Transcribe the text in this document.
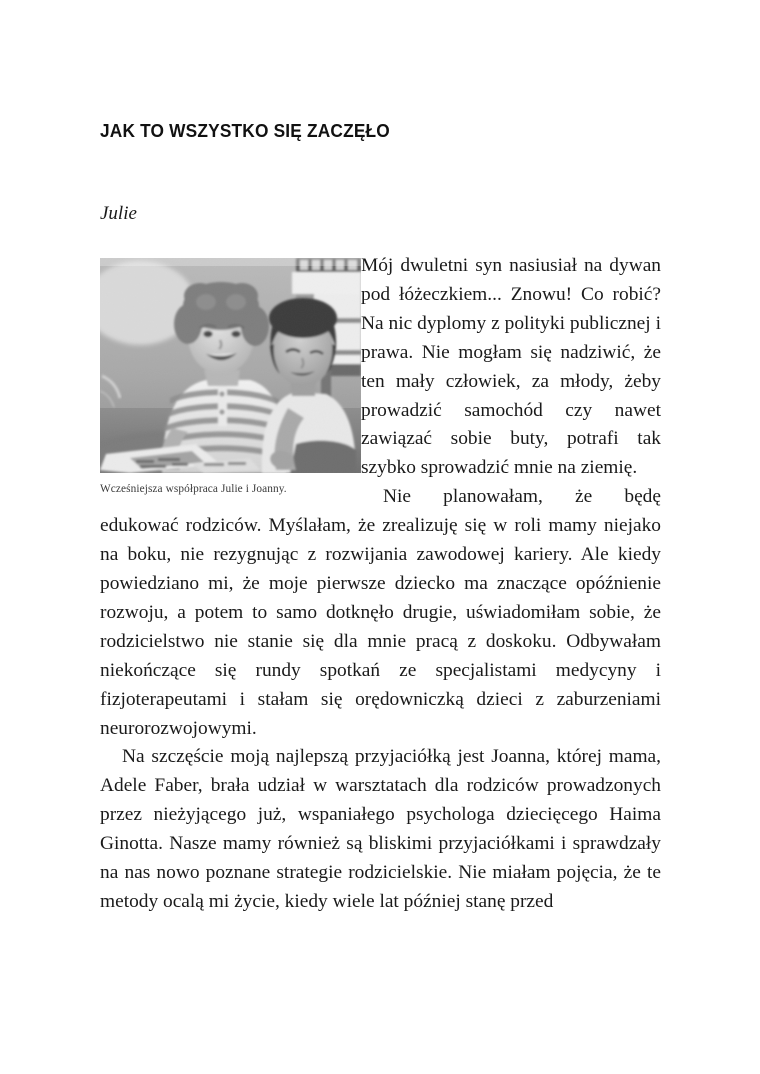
JAK TO WSZYSTKO SIĘ ZACZĘŁO

Julie

Wcześniejsza współpraca Julie i Joanny.

Mój dwuletni syn nasiusiał na dywan pod łóżeczkiem... Znowu! Co robić? Na nic dyplomy z polityki publicznej i prawa. Nie mogłam się nadziwić, że ten mały człowiek, za młody, żeby prowadzić samochód czy nawet zawiązać sobie buty, potrafi tak szybko sprowadzić mnie na ziemię.

Nie planowałam, że będę edukować rodziców. Myślałam, że zrealizuję się w roli mamy niejako na boku, nie rezygnując z rozwijania zawodowej kariery. Ale kiedy powiedziano mi, że moje pierwsze dziecko ma znaczące opóźnienie rozwoju, a potem to samo dotknęło drugie, uświadomiłam sobie, że rodzicielstwo nie stanie się dla mnie pracą z doskoku. Odbywałam niekończące się rundy spotkań ze specjalistami medycyny i fizjoterapeutami i stałam się orędowniczką dzieci z zaburzeniami neurorozwojowymi.

Na szczęście moją najlepszą przyjaciółką jest Joanna, której mama, Adele Faber, brała udział w warsztatach dla rodziców prowadzonych przez nieżyjącego już, wspaniałego psychologa dziecięcego Haima Ginotta. Nasze mamy również są bliskimi przyjaciółkami i sprawdzały na nas nowo poznane strategie rodzicielskie. Nie miałam pojęcia, że te metody ocalą mi życie, kiedy wiele lat później stanę przed
